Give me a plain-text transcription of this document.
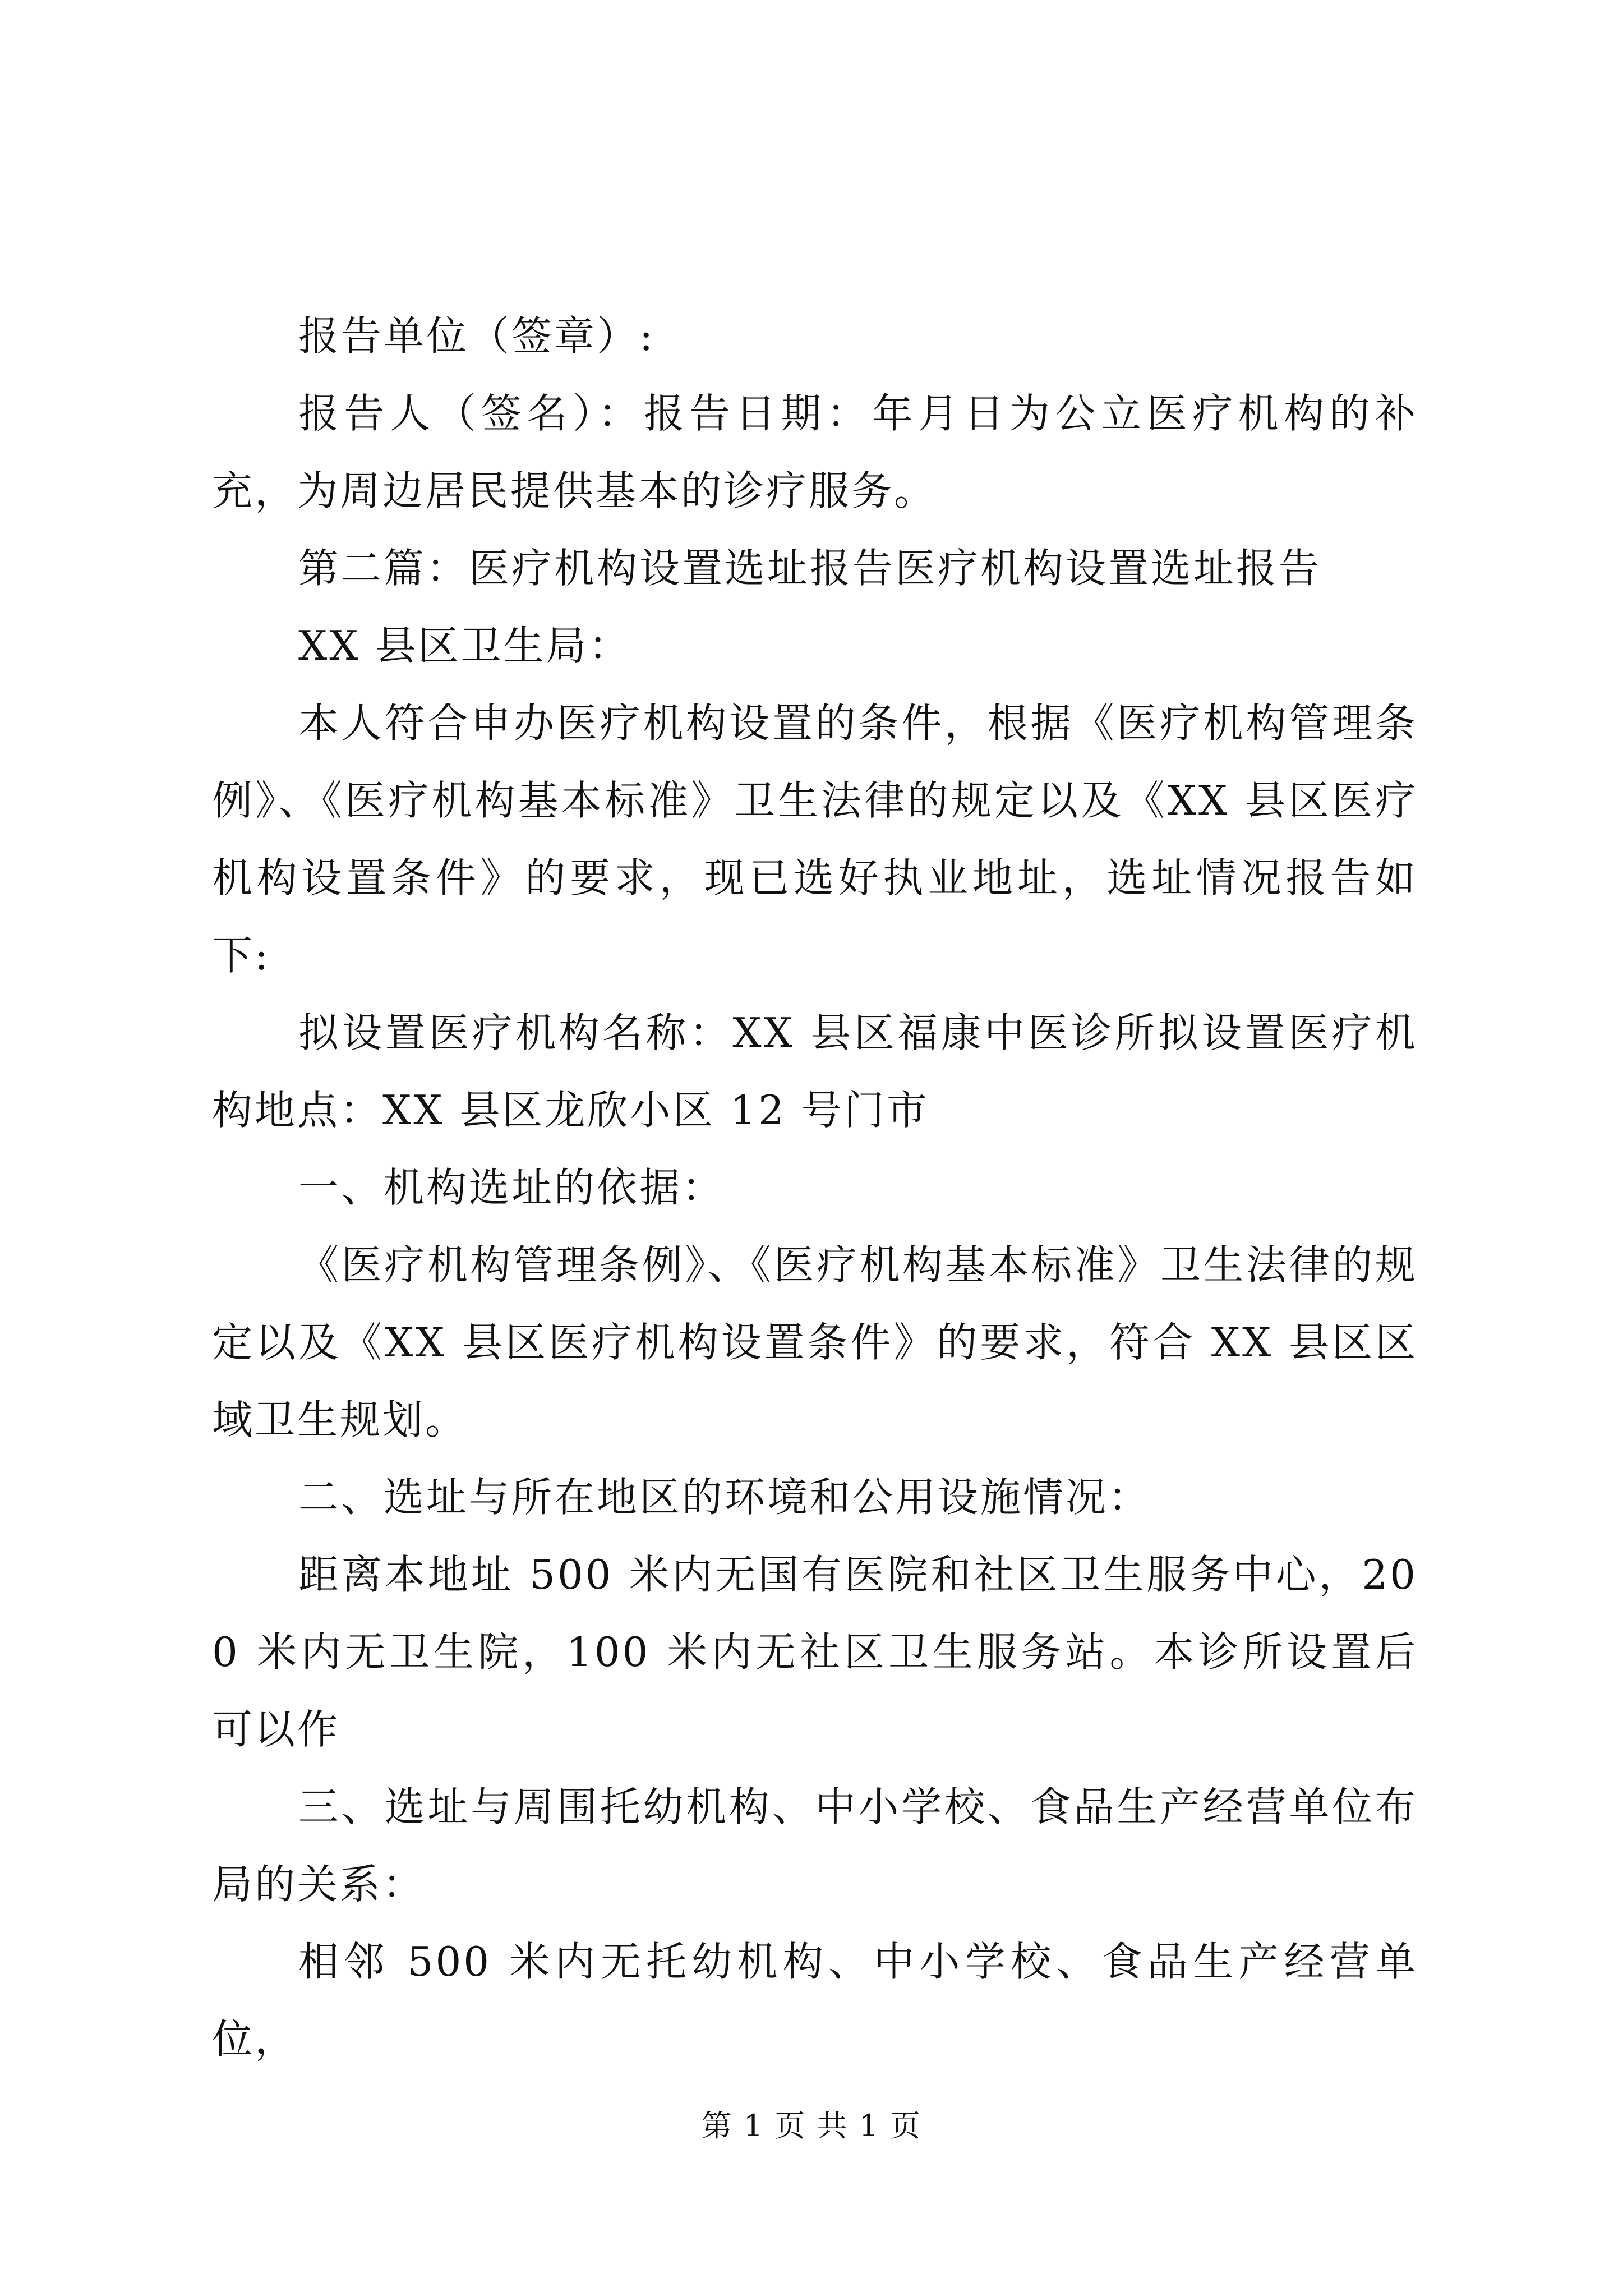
报告单位（签章）:

报告人（签名）：报告日期：年月日为公立医疗机构的补充，为周边居民提供基本的诊疗服务。

第二篇：医疗机构设置选址报告医疗机构设置选址报告

XX 县区卫生局：

本人符合申办医疗机构设置的条件，根据《医疗机构管理条例》、《医疗机构基本标准》卫生法律的规定以及《XX 县区医疗机构设置条件》的要求，现已选好执业地址，选址情况报告如下:

拟设置医疗机构名称：XX 县区福康中医诊所拟设置医疗机构地点：XX 县区龙欣小区 12 号门市

一、机构选址的依据：

《医疗机构管理条例》、《医疗机构基本标准》卫生法律的规定以及《XX 县区医疗机构设置条件》的要求，符合 XX 县区区域卫生规划。

二、选址与所在地区的环境和公用设施情况：

距离本地址 500 米内无国有医院和社区卫生服务中心，200 米内无卫生院，100 米内无社区卫生服务站。本诊所设置后可以作

三、选址与周围托幼机构、中小学校、食品生产经营单位布局的关系：

相邻 500 米内无托幼机构、中小学校、食品生产经营单位，

第 1 页 共 1 页
